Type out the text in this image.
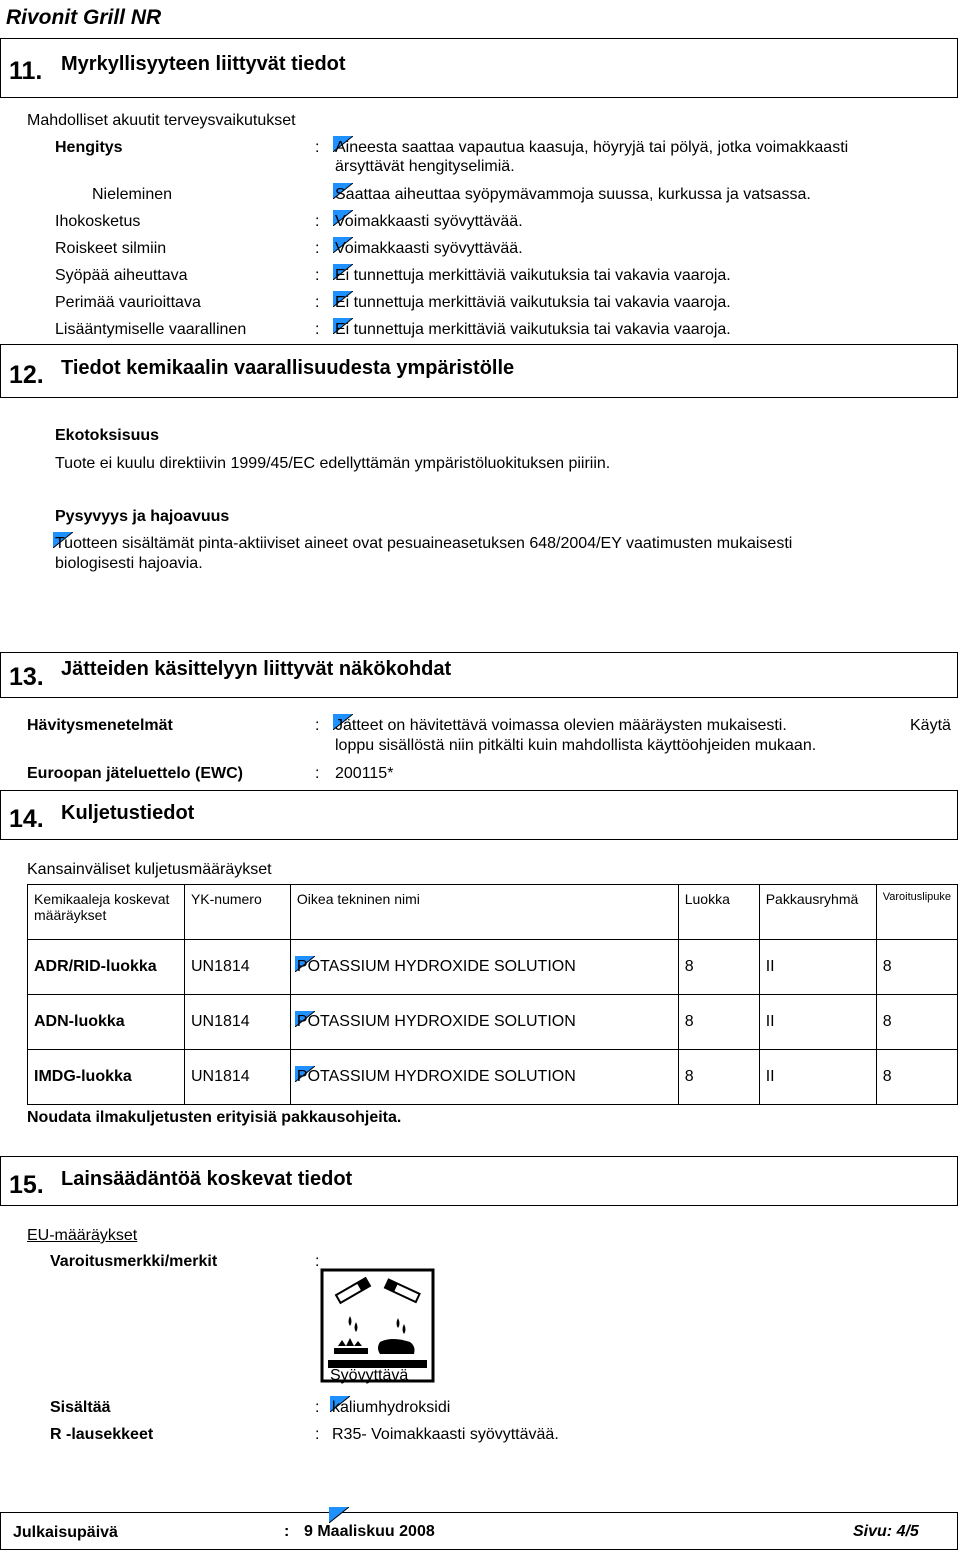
Rivonit Grill NR
11. Myrkyllisyyteen liittyvät tiedot
Mahdolliset akuutit terveysvaikutukset
Hengitys	: Aineesta saattaa vapautua kaasuja, höyryjä tai pölyä, jotka voimakkaasti
ärsyttävät hengityselimiä.
Nieleminen	Saattaa aiheuttaa syöpymävammoja suussa, kurkussa ja vatsassa.
Ihokosketus	: Voimakkaasti syövyttävää.
Roiskeet silmiin	: Voimakkaasti syövyttävää.
Syöpää aiheuttava	: Ei tunnettuja merkittäviä vaikutuksia tai vakavia vaaroja.
Perimää vaurioittava	: Ei tunnettuja merkittäviä vaikutuksia tai vakavia vaaroja.
Lisääntymiselle vaarallinen	: Ei tunnettuja merkittäviä vaikutuksia tai vakavia vaaroja.
12. Tiedot kemikaalin vaarallisuudesta ympäristölle
Ekotoksisuus
Tuote ei kuulu direktiivin 1999/45/EC edellyttämän ympäristöluokituksen piiriin.
Pysyvyys ja hajoavuus
Tuotteen sisältämät pinta-aktiiviset aineet ovat pesuaineasetuksen 648/2004/EY vaatimusten mukaisesti
biologisesti hajoavia.
13. Jätteiden käsittelyyn liittyvät näkökohdat
Hävitysmenetelmät	: Jätteet on hävitettävä voimassa olevien määräysten mukaisesti.	Käytä
loppu sisällöstä niin pitkälti kuin mahdollista käyttöohjeiden mukaan.
Euroopan jäteluettelo (EWC)	: 200115*
14. Kuljetustiedot
Kansainväliset kuljetusmääräykset
Kemikaaleja koskevat määräykset	YK-numero	Oikea tekninen nimi	Luokka	Pakkausryhmä	Varoituslipuke
ADR/RID-luokka	UN1814	POTASSIUM HYDROXIDE SOLUTION	8	II	8
ADN-luokka	UN1814	POTASSIUM HYDROXIDE SOLUTION	8	II	8
IMDG-luokka	UN1814	POTASSIUM HYDROXIDE SOLUTION	8	II	8
Noudata ilmakuljetusten erityisiä pakkausohjeita.
15. Lainsäädäntöä koskevat tiedot
EU-määräykset
Varoitusmerkki/merkit	:
Syövyttävä
Sisältää	: kaliumhydroksidi
R -lausekkeet	: R35- Voimakkaasti syövyttävää.
Julkaisupäivä	: 9 Maaliskuu 2008	Sivu: 4/5
